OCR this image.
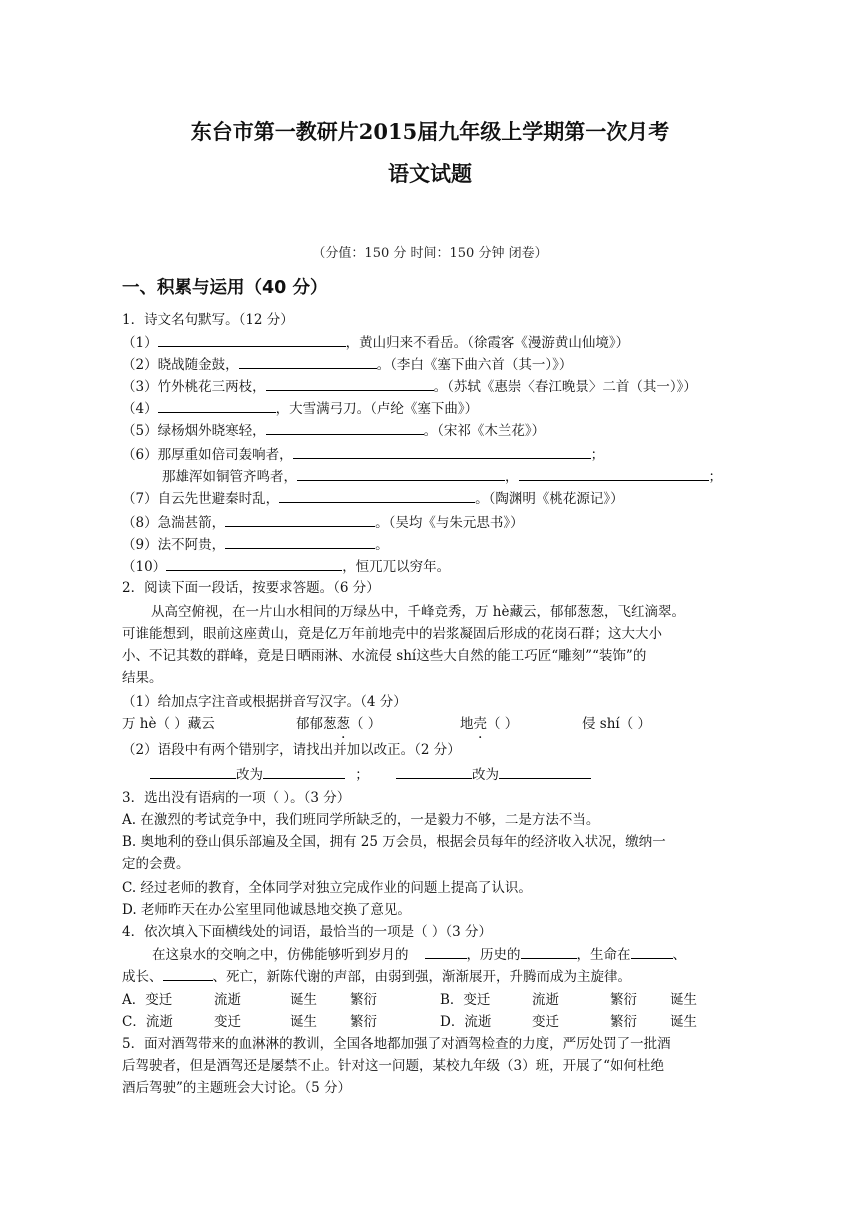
东台市第一教研片2015届九年级上学期第一次月考
语文试题
（分值：150 分 时间：150 分钟 闭卷）
一、积累与运用（40 分）
1．诗文名句默写。（12 分）
（1）	，黄山归来不看岳。（徐霞客《漫游黄山仙境》）
（2）晓战随金鼓，	。（李白《塞下曲六首（其一）》）
（3）竹外桃花三两枝，	。（苏轼《惠崇〈春江晚景〉二首（其一）》）
（4）	，大雪满弓刀。（卢纶《塞下曲》）
（5）绿杨烟外晓寒轻，	。（宋祁《木兰花》）
（6）那厚重如倍司轰响者，	；
那雄浑如铜管齐鸣者，	，	；
（7）自云先世避秦时乱，	。（陶渊明《桃花源记》）
（8）急湍甚箭，	。（吴均《与朱元思书》）
（9）法不阿贵，	。
（10）	，恒兀兀以穷年。
2．阅读下面一段话，按要求答题。（6 分）
从高空俯视，在一片山水相间的万绿丛中，千峰竞秀，万 hè藏云，郁郁葱葱，飞红滴翠。
可谁能想到，眼前这座黄山，竟是亿万年前地壳中的岩浆凝固后形成的花岗石群；这大大小
小、不记其数的群峰，竟是日晒雨淋、水流侵 shí这些大自然的能工巧匠“雕刻”“装饰”的
结果。
（1）给加点字注音或根据拼音写汉字。（4 分）
万 hè（ ）藏云	郁郁葱葱（ ）	地壳（ ）	侵 shí（ ）
（2）语段中有两个错别字，请找出并加以改正。（2 分）
改为	；	改为
3．选出没有语病的一项（ ）。（3 分）
A. 在激烈的考试竞争中，我们班同学所缺乏的，一是毅力不够，二是方法不当。
B. 奥地利的登山俱乐部遍及全国，拥有 25 万会员，根据会员每年的经济收入状况，缴纳一
定的会费。
C. 经过老师的教育，全体同学对独立完成作业的问题上提高了认识。
D. 老师昨天在办公室里同他诚恳地交换了意见。
4．依次填入下面横线处的词语，最恰当的一项是（ ）（3 分）
在这泉水的交响之中，仿佛能够听到岁月的	，历史的	，生命在	、
成长、	、死亡，新陈代谢的声部，由弱到强，渐渐展开，升腾而成为主旋律。
A．变迁	流逝	诞生 繁衍	B．变迁	流逝	繁衍 诞生
C．流逝	变迁	诞生 繁衍	D．流逝	变迁	繁衍 诞生
5．面对酒驾带来的血淋淋的教训，全国各地都加强了对酒驾检查的力度，严厉处罚了一批酒
后驾驶者，但是酒驾还是屡禁不止。针对这一问题，某校九年级（3）班，开展了“如何杜绝
酒后驾驶”的主题班会大讨论。（5 分）
